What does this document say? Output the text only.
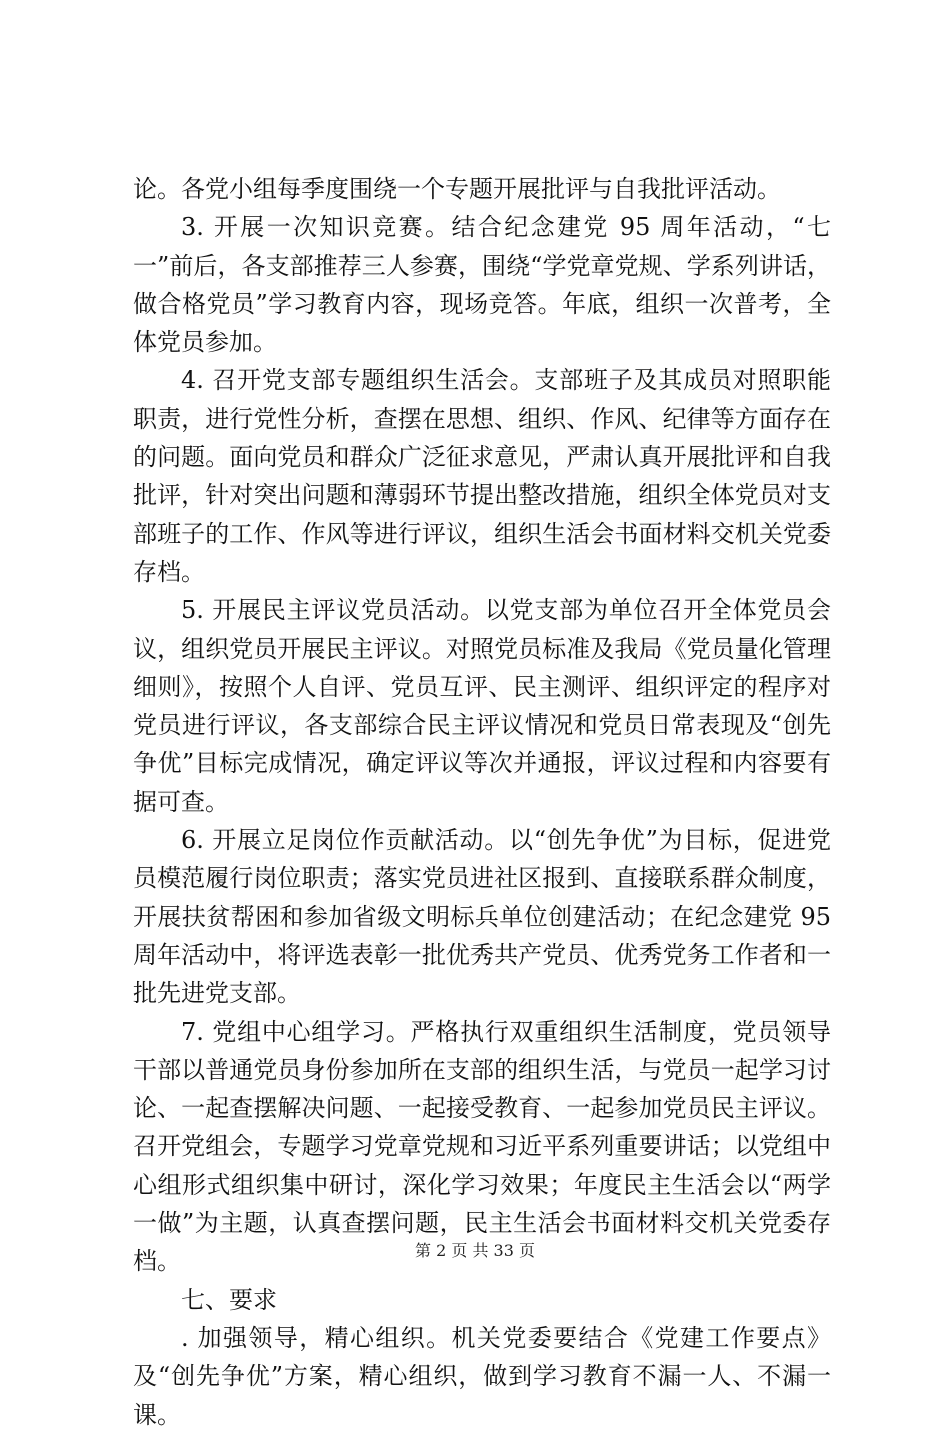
论。各党小组每季度围绕一个专题开展批评与自我批评活动。

3. 开展一次知识竞赛。结合纪念建党 95 周年活动，“七一”前后，各支部推荐三人参赛，围绕“学党章党规、学系列讲话，做合格党员”学习教育内容，现场竞答。年底，组织一次普考，全体党员参加。

4. 召开党支部专题组织生活会。支部班子及其成员对照职能职责，进行党性分析，查摆在思想、组织、作风、纪律等方面存在的问题。面向党员和群众广泛征求意见，严肃认真开展批评和自我批评，针对突出问题和薄弱环节提出整改措施，组织全体党员对支部班子的工作、作风等进行评议，组织生活会书面材料交机关党委存档。

5. 开展民主评议党员活动。以党支部为单位召开全体党员会议，组织党员开展民主评议。对照党员标准及我局《党员量化管理细则》，按照个人自评、党员互评、民主测评、组织评定的程序对党员进行评议，各支部综合民主评议情况和党员日常表现及“创先争优”目标完成情况，确定评议等次并通报，评议过程和内容要有据可查。

6. 开展立足岗位作贡献活动。以“创先争优”为目标，促进党员模范履行岗位职责；落实党员进社区报到、直接联系群众制度，开展扶贫帮困和参加省级文明标兵单位创建活动；在纪念建党 95 周年活动中，将评选表彰一批优秀共产党员、优秀党务工作者和一批先进党支部。

7. 党组中心组学习。严格执行双重组织生活制度，党员领导干部以普通党员身份参加所在支部的组织生活，与党员一起学习讨论、一起查摆解决问题、一起接受教育、一起参加党员民主评议。召开党组会，专题学习党章党规和习近平系列重要讲话；以党组中心组形式组织集中研讨，深化学习效果；年度民主生活会以“两学一做”为主题，认真查摆问题，民主生活会书面材料交机关党委存档。

七、要求

. 加强领导，精心组织。机关党委要结合《党建工作要点》及“创先争优”方案，精心组织，做到学习教育不漏一人、不漏一课。

第 2 页 共 33 页
